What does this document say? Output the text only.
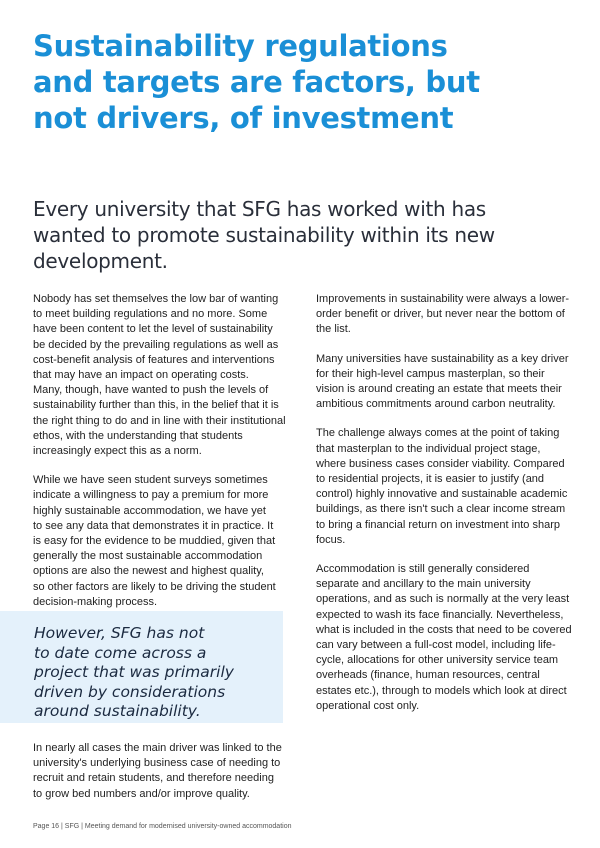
Sustainability regulations
and targets are factors, but
not drivers, of investment

Every university that SFG has worked with has
wanted to promote sustainability within its new
development.

Nobody has set themselves the low bar of wanting
to meet building regulations and no more. Some
have been content to let the level of sustainability
be decided by the prevailing regulations as well as
cost-benefit analysis of features and interventions
that may have an impact on operating costs.
Many, though, have wanted to push the levels of
sustainability further than this, in the belief that it is
the right thing to do and in line with their institutional
ethos, with the understanding that students
increasingly expect this as a norm.

While we have seen student surveys sometimes
indicate a willingness to pay a premium for more
highly sustainable accommodation, we have yet
to see any data that demonstrates it in practice. It
is easy for the evidence to be muddied, given that
generally the most sustainable accommodation
options are also the newest and highest quality,
so other factors are likely to be driving the student
decision-making process.

However, SFG has not
to date come across a
project that was primarily
driven by considerations
around sustainability.

In nearly all cases the main driver was linked to the
university's underlying business case of needing to
recruit and retain students, and therefore needing
to grow bed numbers and/or improve quality.

Improvements in sustainability were always a lower-
order benefit or driver, but never near the bottom of
the list.

Many universities have sustainability as a key driver
for their high-level campus masterplan, so their
vision is around creating an estate that meets their
ambitious commitments around carbon neutrality.

The challenge always comes at the point of taking
that masterplan to the individual project stage,
where business cases consider viability. Compared
to residential projects, it is easier to justify (and
control) highly innovative and sustainable academic
buildings, as there isn't such a clear income stream
to bring a financial return on investment into sharp
focus.

Accommodation is still generally considered
separate and ancillary to the main university
operations, and as such is normally at the very least
expected to wash its face financially. Nevertheless,
what is included in the costs that need to be covered
can vary between a full-cost model, including life-
cycle, allocations for other university service team
overheads (finance, human resources, central
estates etc.), through to models which look at direct
operational cost only.

Page 16 | SFG | Meeting demand for modernised university-owned accommodation
